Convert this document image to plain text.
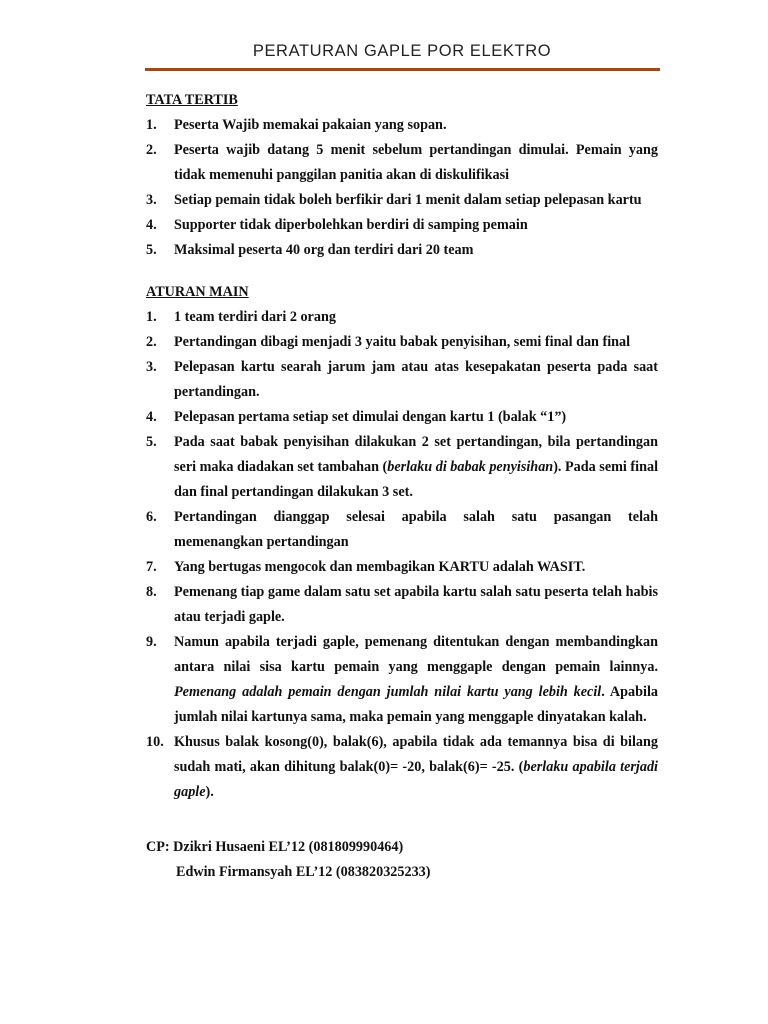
PERATURAN GAPLE POR ELEKTRO
TATA TERTIB
1. Peserta Wajib memakai pakaian yang sopan.
2. Peserta wajib datang 5 menit sebelum pertandingan dimulai. Pemain yang tidak memenuhi panggilan panitia akan di diskulifikasi
3. Setiap pemain tidak boleh berfikir dari 1 menit dalam setiap pelepasan kartu
4. Supporter tidak diperbolehkan berdiri di samping pemain
5. Maksimal peserta 40 org dan terdiri dari 20 team
ATURAN MAIN
1. 1 team terdiri dari 2 orang
2. Pertandingan dibagi menjadi 3 yaitu babak penyisihan, semi final dan final
3. Pelepasan kartu searah jarum jam atau atas kesepakatan peserta pada saat pertandingan.
4. Pelepasan pertama setiap set dimulai dengan kartu 1 (balak “1”)
5. Pada saat babak penyisihan dilakukan 2 set pertandingan, bila pertandingan seri maka diadakan set tambahan (berlaku di babak penyisihan). Pada semi final dan final pertandingan dilakukan 3 set.
6. Pertandingan dianggap selesai apabila salah satu pasangan telah memenangkan pertandingan
7. Yang bertugas mengocok dan membagikan KARTU adalah WASIT.
8. Pemenang tiap game dalam satu set apabila kartu salah satu peserta telah habis atau terjadi gaple.
9. Namun apabila terjadi gaple, pemenang ditentukan dengan membandingkan antara nilai sisa kartu pemain yang menggaple dengan pemain lainnya. Pemenang adalah pemain dengan jumlah nilai kartu yang lebih kecil. Apabila jumlah nilai kartunya sama, maka pemain yang menggaple dinyatakan kalah.
10. Khusus balak kosong(0), balak(6), apabila tidak ada temannya bisa di bilang sudah mati, akan dihitung balak(0)= -20, balak(6)= -25. (berlaku apabila terjadi gaple).
CP: Dzikri Husaeni EL’12 (081809990464)
Edwin Firmansyah EL’12 (083820325233)
